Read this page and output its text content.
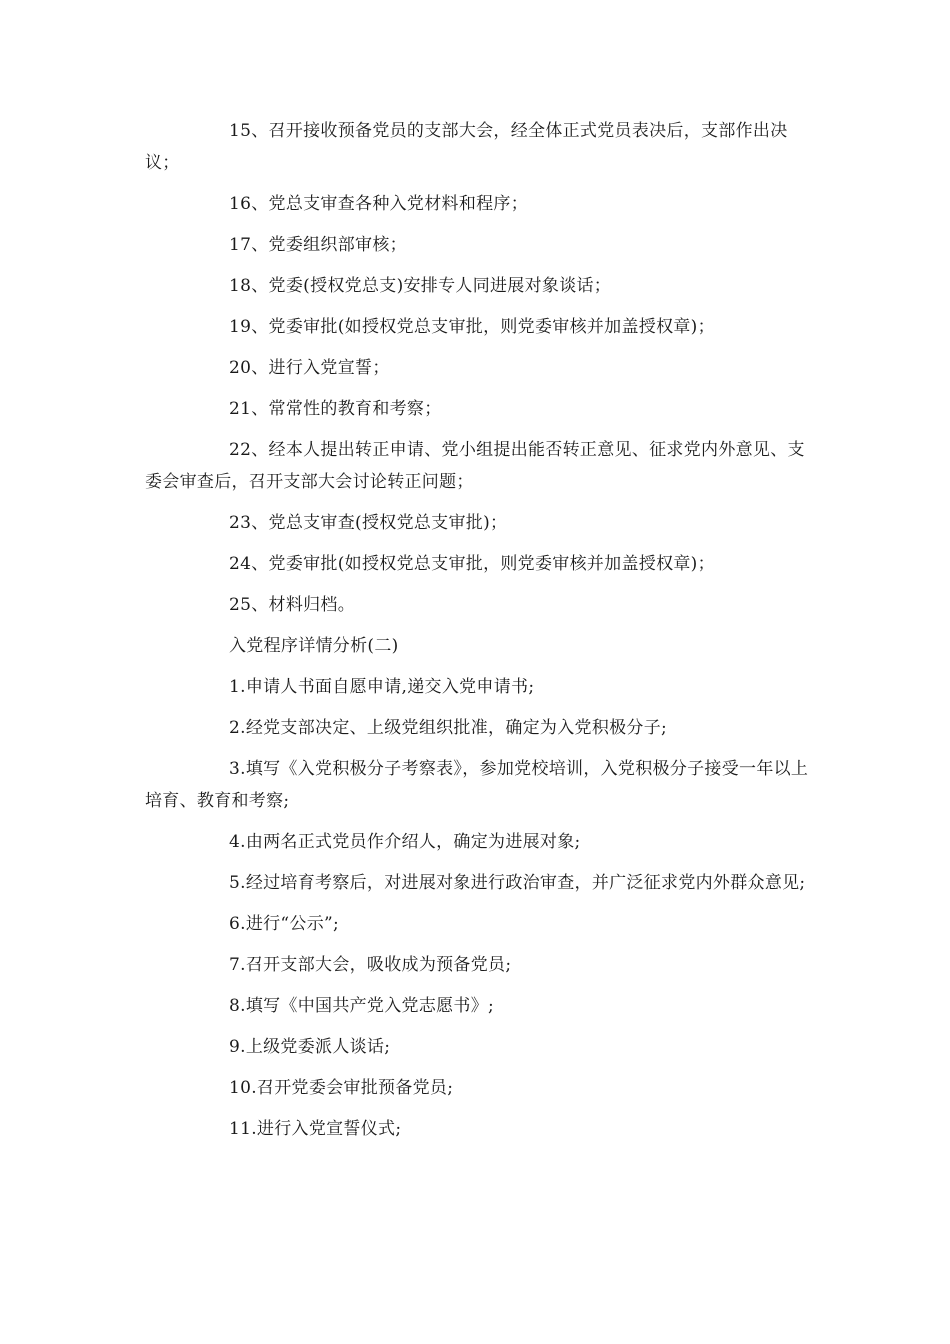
15、召开接收预备党员的支部大会，经全体正式党员表决后，支部作出决议；

16、党总支审查各种入党材料和程序；

17、党委组织部审核；

18、党委(授权党总支)安排专人同进展对象谈话；

19、党委审批(如授权党总支审批，则党委审核并加盖授权章)；

20、进行入党宣誓；

21、常常性的教育和考察；

22、经本人提出转正申请、党小组提出能否转正意见、征求党内外意见、支委会审查后，召开支部大会讨论转正问题；

23、党总支审查(授权党总支审批)；

24、党委审批(如授权党总支审批，则党委审核并加盖授权章)；

25、材料归档。

入党程序详情分析(二)

1.申请人书面自愿申请,递交入党申请书;

2.经党支部决定、上级党组织批准，确定为入党积极分子;

3.填写《入党积极分子考察表》，参加党校培训，入党积极分子接受一年以上培育、教育和考察;

4.由两名正式党员作介绍人，确定为进展对象;

5.经过培育考察后，对进展对象进行政治审查，并广泛征求党内外群众意见;

6.进行“公示”;

7.召开支部大会，吸收成为预备党员;

8.填写《中国共产党入党志愿书》;

9.上级党委派人谈话;

10.召开党委会审批预备党员;

11.进行入党宣誓仪式;
